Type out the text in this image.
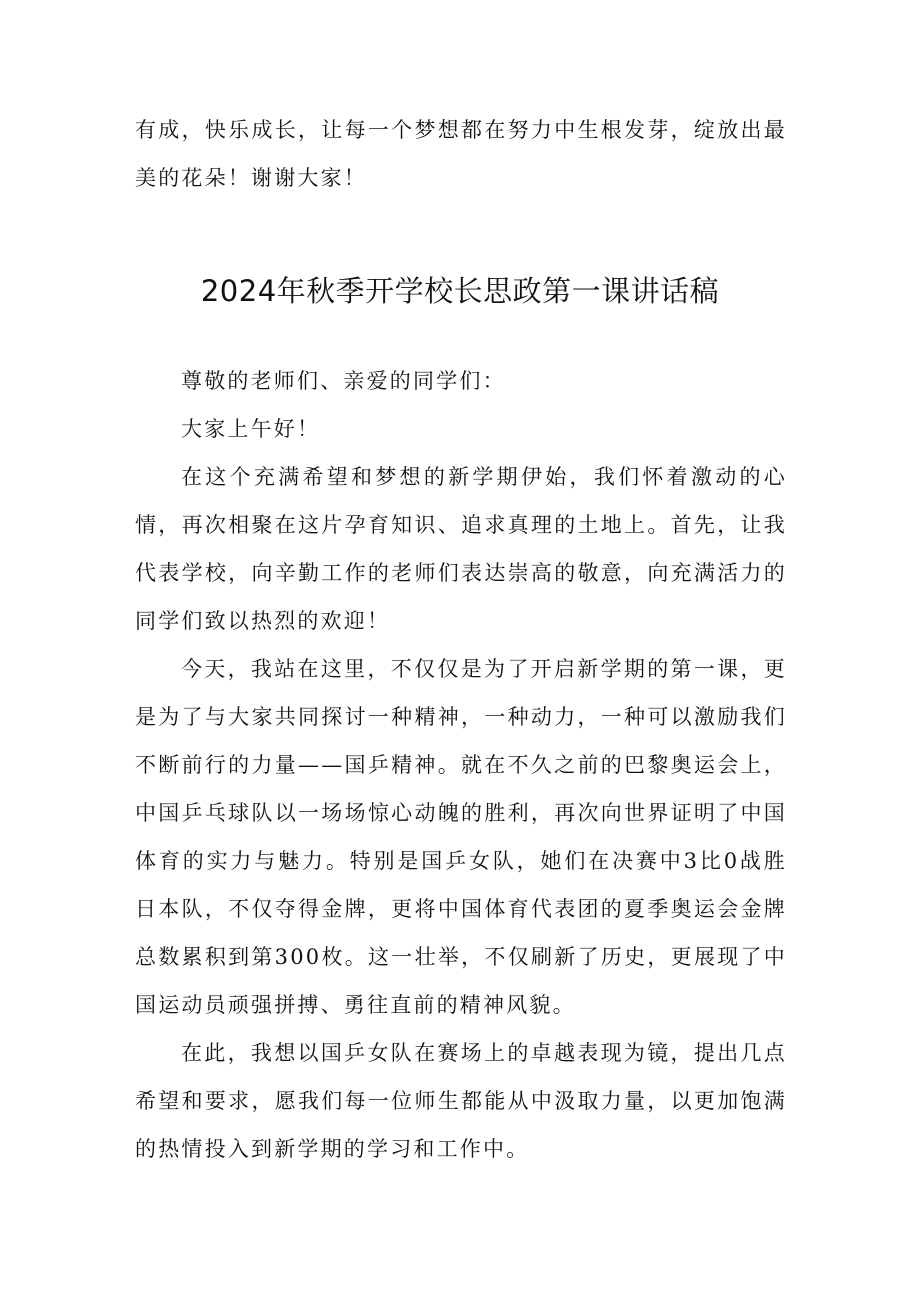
有成，快乐成长，让每一个梦想都在努力中生根发芽，绽放出最美的花朵！谢谢大家！

2024年秋季开学校长思政第一课讲话稿

尊敬的老师们、亲爱的同学们：

大家上午好！

在这个充满希望和梦想的新学期伊始，我们怀着激动的心情，再次相聚在这片孕育知识、追求真理的土地上。首先，让我代表学校，向辛勤工作的老师们表达崇高的敬意，向充满活力的同学们致以热烈的欢迎！

今天，我站在这里，不仅仅是为了开启新学期的第一课，更是为了与大家共同探讨一种精神，一种动力，一种可以激励我们不断前行的力量——国乒精神。就在不久之前的巴黎奥运会上，中国乒乓球队以一场场惊心动魄的胜利，再次向世界证明了中国体育的实力与魅力。特别是国乒女队，她们在决赛中3比0战胜日本队，不仅夺得金牌，更将中国体育代表团的夏季奥运会金牌总数累积到第300枚。这一壮举，不仅刷新了历史，更展现了中国运动员顽强拼搏、勇往直前的精神风貌。

在此，我想以国乒女队在赛场上的卓越表现为镜，提出几点希望和要求，愿我们每一位师生都能从中汲取力量，以更加饱满的热情投入到新学期的学习和工作中。
